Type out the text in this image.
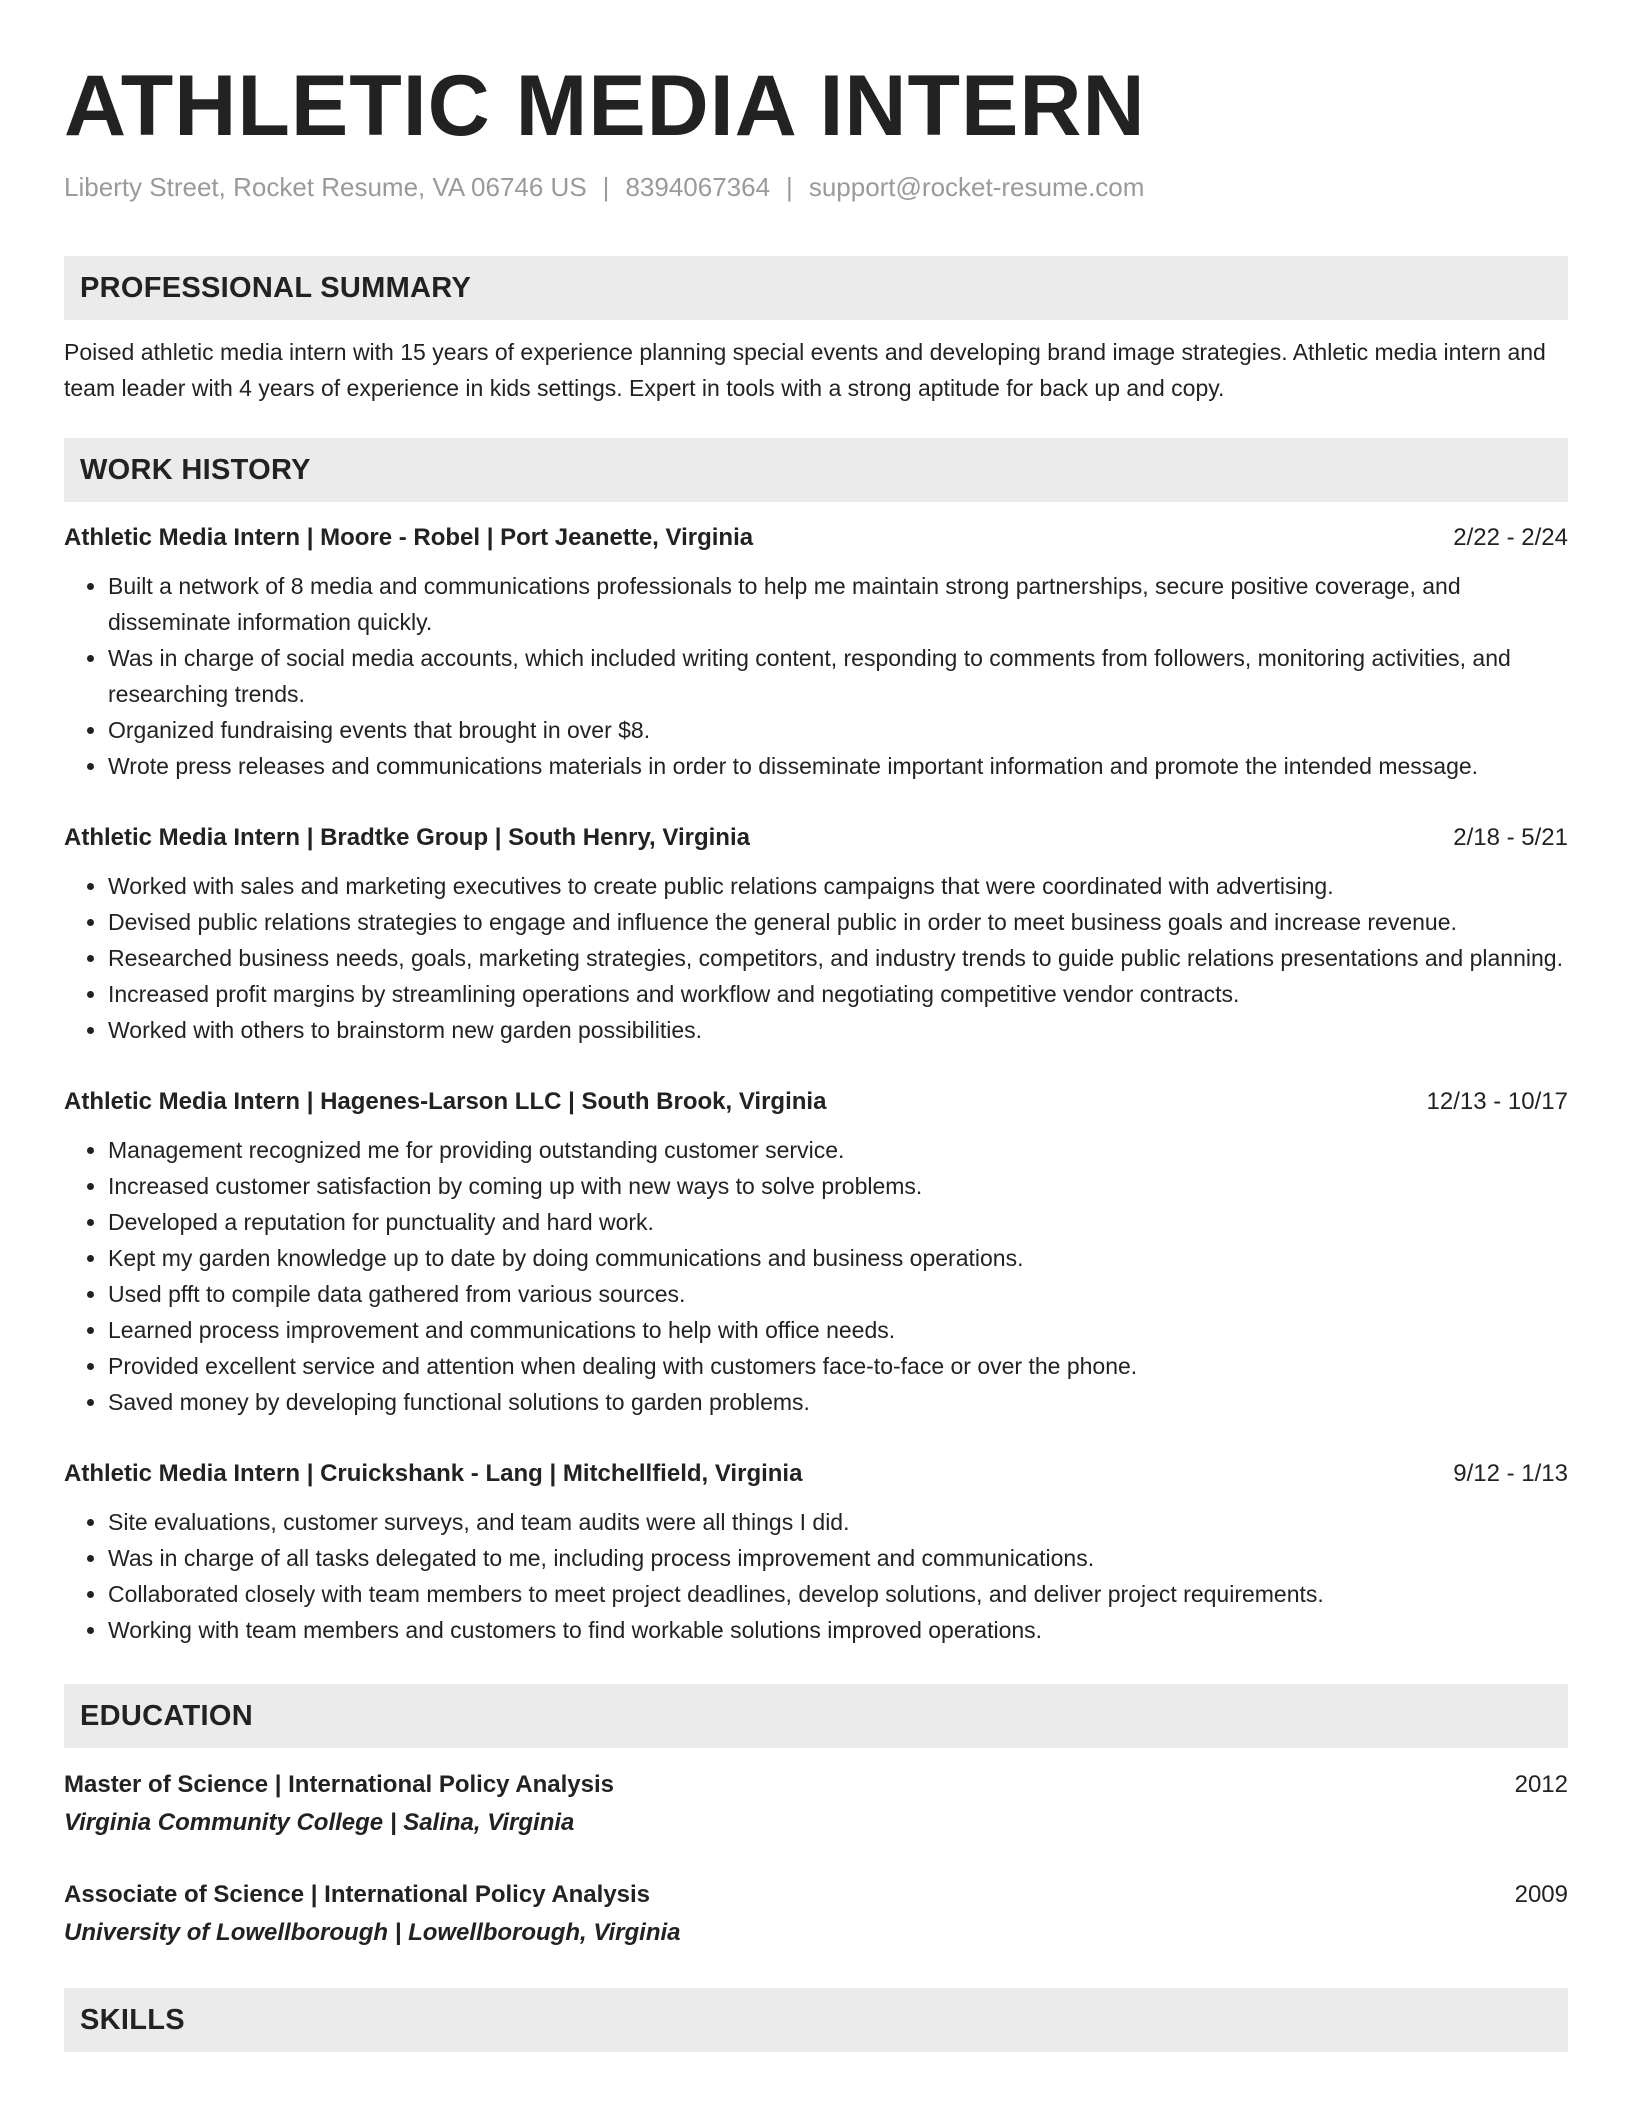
ATHLETIC MEDIA INTERN
Liberty Street, Rocket Resume, VA 06746 US | 8394067364 | support@rocket-resume.com
PROFESSIONAL SUMMARY
Poised athletic media intern with 15 years of experience planning special events and developing brand image strategies. Athletic media intern and team leader with 4 years of experience in kids settings. Expert in tools with a strong aptitude for back up and copy.
WORK HISTORY
Athletic Media Intern | Moore - Robel | Port Jeanette, Virginia	2/22 - 2/24
• Built a network of 8 media and communications professionals to help me maintain strong partnerships, secure positive coverage, and disseminate information quickly.
• Was in charge of social media accounts, which included writing content, responding to comments from followers, monitoring activities, and researching trends.
• Organized fundraising events that brought in over $8.
• Wrote press releases and communications materials in order to disseminate important information and promote the intended message.
Athletic Media Intern | Bradtke Group | South Henry, Virginia	2/18 - 5/21
• Worked with sales and marketing executives to create public relations campaigns that were coordinated with advertising.
• Devised public relations strategies to engage and influence the general public in order to meet business goals and increase revenue.
• Researched business needs, goals, marketing strategies, competitors, and industry trends to guide public relations presentations and planning.
• Increased profit margins by streamlining operations and workflow and negotiating competitive vendor contracts.
• Worked with others to brainstorm new garden possibilities.
Athletic Media Intern | Hagenes-Larson LLC | South Brook, Virginia	12/13 - 10/17
• Management recognized me for providing outstanding customer service.
• Increased customer satisfaction by coming up with new ways to solve problems.
• Developed a reputation for punctuality and hard work.
• Kept my garden knowledge up to date by doing communications and business operations.
• Used pfft to compile data gathered from various sources.
• Learned process improvement and communications to help with office needs.
• Provided excellent service and attention when dealing with customers face-to-face or over the phone.
• Saved money by developing functional solutions to garden problems.
Athletic Media Intern | Cruickshank - Lang | Mitchellfield, Virginia	9/12 - 1/13
• Site evaluations, customer surveys, and team audits were all things I did.
• Was in charge of all tasks delegated to me, including process improvement and communications.
• Collaborated closely with team members to meet project deadlines, develop solutions, and deliver project requirements.
• Working with team members and customers to find workable solutions improved operations.
EDUCATION
Master of Science | International Policy Analysis	2012
Virginia Community College | Salina, Virginia
Associate of Science | International Policy Analysis	2009
University of Lowellborough | Lowellborough, Virginia
SKILLS
